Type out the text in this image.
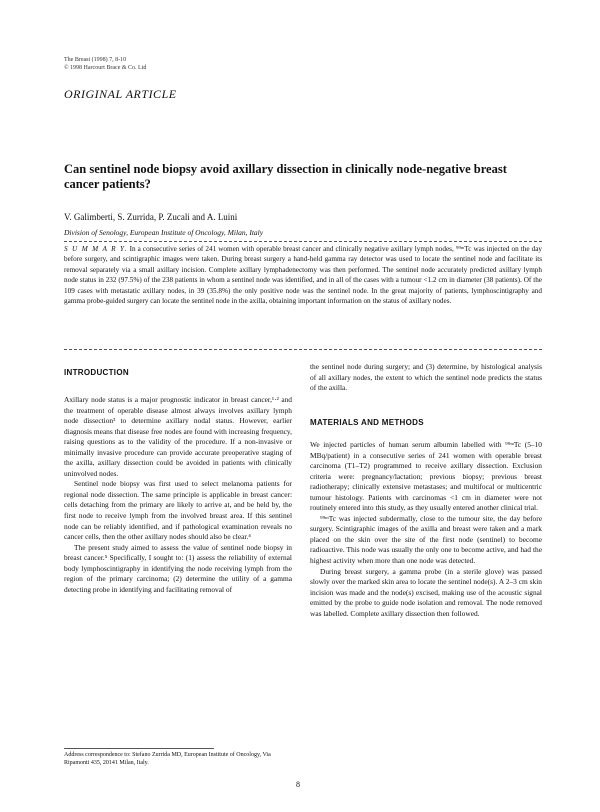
The Breast (1998) 7, 8-10
© 1998 Harcourt Brace & Co. Ltd
ORIGINAL ARTICLE
Can sentinel node biopsy avoid axillary dissection in clinically node-negative breast cancer patients?
V. Galimberti, S. Zurrida, P. Zucali and A. Luini
Division of Senology, European Institute of Oncology, Milan, Italy
S U M M A R Y. In a consecutive series of 241 women with operable breast cancer and clinically negative axillary lymph nodes, ⁹⁹ᵐTc was injected on the day before surgery, and scintigraphic images were taken. During breast surgery a hand-held gamma ray detector was used to locate the sentinel node and facilitate its removal separately via a small axillary incision. Complete axillary lymphadenectomy was then performed. The sentinel node accurately predicted axillary lymph node status in 232 (97.5%) of the 238 patients in whom a sentinel node was identified, and in all of the cases with a tumour <1.2 cm in diameter (38 patients). Of the 109 cases with metastatic axillary nodes, in 39 (35.8%) the only positive node was the sentinel node. In the great majority of patients, lymphoscintigraphy and gamma probe-guided surgery can locate the sentinel node in the axilla, obtaining important information on the status of axillary nodes.
INTRODUCTION

Axillary node status is a major prognostic indicator in breast cancer,¹·² and the treatment of operable disease almost always involves axillary lymph node dissection³ to determine axillary nodal status. However, earlier diagnosis means that disease free nodes are found with increasing frequency, raising questions as to the validity of the procedure. If a non-invasive or minimally invasive procedure can provide accurate preoperative staging of the axilla, axillary dissection could be avoided in patients with clinically uninvolved nodes.

Sentinel node biopsy was first used to select melanoma patients for regional node dissection. The same principle is applicable in breast cancer: cells detaching from the primary are likely to arrive at, and be held by, the first node to receive lymph from the involved breast area. If this sentinel node can be reliably identified, and if pathological examination reveals no cancer cells, then the other axillary nodes should also be clear.⁴

The present study aimed to assess the value of sentinel node biopsy in breast cancer.⁵ Specifically, I sought to: (1) assess the reliability of external body lymphoscintigraphy in identifying the node receiving lymph from the region of the primary carcinoma; (2) determine the utility of a gamma detecting probe in identifying and facilitating removal of

the sentinel node during surgery; and (3) determine, by histological analysis of all axillary nodes, the extent to which the sentinel node predicts the status of the axilla.

MATERIALS AND METHODS

We injected particles of human serum albumin labelled with ⁹⁹ᵐTc (5–10 MBq/patient) in a consecutive series of 241 women with operable breast carcinoma (T1–T2) programmed to receive axillary dissection. Exclusion criteria were: pregnancy/lactation; previous biopsy; previous breast radiotherapy; clinically extensive metastases; and multifocal or multicentric tumour histology. Patients with carcinomas <1 cm in diameter were not routinely entered into this study, as they usually entered another clinical trial.

⁹⁹ᵐTc was injected subdermally, close to the tumour site, the day before surgery. Scintigraphic images of the axilla and breast were taken and a mark placed on the skin over the site of the first node (sentinel) to become radioactive. This node was usually the only one to become active, and had the highest activity when more than one node was detected.

During breast surgery, a gamma probe (in a sterile glove) was passed slowly over the marked skin area to locate the sentinel node(s). A 2–3 cm skin incision was made and the node(s) excised, making use of the acoustic signal emitted by the probe to guide node isolation and removal. The node removed was labelled. Complete axillary dissection then followed.

Address correspondence to: Stefano Zurrida MD, European Institute of Oncology, Via Ripamonti 435, 20141 Milan, Italy.
8
